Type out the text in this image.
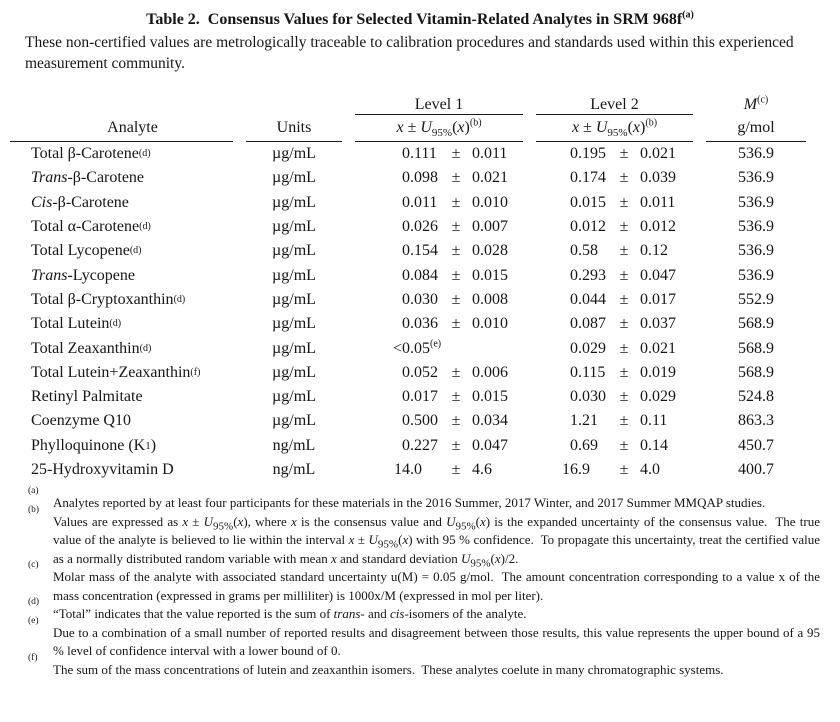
Table 2.  Consensus Values for Selected Vitamin-Related Analytes in SRM $968f^{(a)}$
These non-certified values are metrologically traceable to calibration procedures and standards used within this experienced measurement community.
Level 1	Level 2	$M^{(c)}$
Analyte	Units	$x \pm U_{95\%}(x)^{(b)}$	$x \pm U_{95\%}(x)^{(b)}$	g/mol
Total β-Carotene (d)	µg/mL	0 .111 ± 0.011	0 .195 ± 0.021	536.9
Trans -β-Carotene	µg/mL	0 .098 ± 0.021	0 .174 ± 0.039	536.9
Cis -β-Carotene	µg/mL	0 .011 ± 0.010	0 .015 ± 0.011	536.9
Total α-Carotene (d)	µg/mL	0 .026 ± 0.007	0 .012 ± 0.012	536.9
Total Lycopene (d)	µg/mL	0 .154 ± 0.028	0 .58	± 0.12	536.9
Trans -Lycopene	µg/mL	0 .084 ± 0.015	0 .293 ± 0.047	536.9
Total β-Cryptoxanthin (d)	µg/mL	0 .030 ± 0.008	0 .044 ± 0.017	552.9
Total Lutein (d)	µg/mL	0 .036 ± 0.010	0 .087 ± 0.037	568.9
Total Zeaxanthin (d)	µg/mL	<0 .05$^{(e)}$	0 .029 ± 0.021	568.9
Total Lutein+Zeaxanthin (f)	µg/mL	0 .052 ± 0.006	0 .115 ± 0.019	568.9
Retinyl Palmitate	µg/mL	0 .017 ± 0.015	0 .030 ± 0.029	524.8
Coenzyme Q10	µg/mL	0 .500 ± 0.034	1 .21	± 0.11	863.3
Phylloquinone (K 1 )	ng/mL	0 .227 ± 0.047	0 .69	± 0.14	450.7
25-Hydroxyvitamin D	ng/mL	14 .0	± 4.6	16 .9	± 4.0	400.7
(a)
Analytes reported by at least four participants for these materials in the 2016 Summer, 2017 Winter, and 2017 Summer MMQAP studies.
(b)
Values are expressed as $x \pm U_{95\%}(x)$, where x is the consensus value and $U_{95\%}(x)$ is the expanded uncertainty of the consensus value.  The true value of the analyte is believed to lie within the interval $x \pm U_{95\%}(x)$ with 95 % confidence.  To propagate this uncertainty, treat the certified value as a normally distributed random variable with mean x and standard deviation $U_{95\%}(x)/2$.
(c)
Molar mass of the analyte with associated standard uncertainty u(M) = 0.05 g/mol.  The amount concentration corresponding to a value x of the mass concentration (expressed in grams per milliliter) is 1000x/M (expressed in mol per liter).
(d)
“Total” indicates that the value reported is the sum of trans- and cis-isomers of the analyte.
(e)
Due to a combination of a small number of reported results and disagreement between those results, this value represents the upper bound of a 95 % level of confidence interval with a lower bound of 0.
(f)
The sum of the mass concentrations of lutein and zeaxanthin isomers.  These analytes coelute in many chromatographic systems.
